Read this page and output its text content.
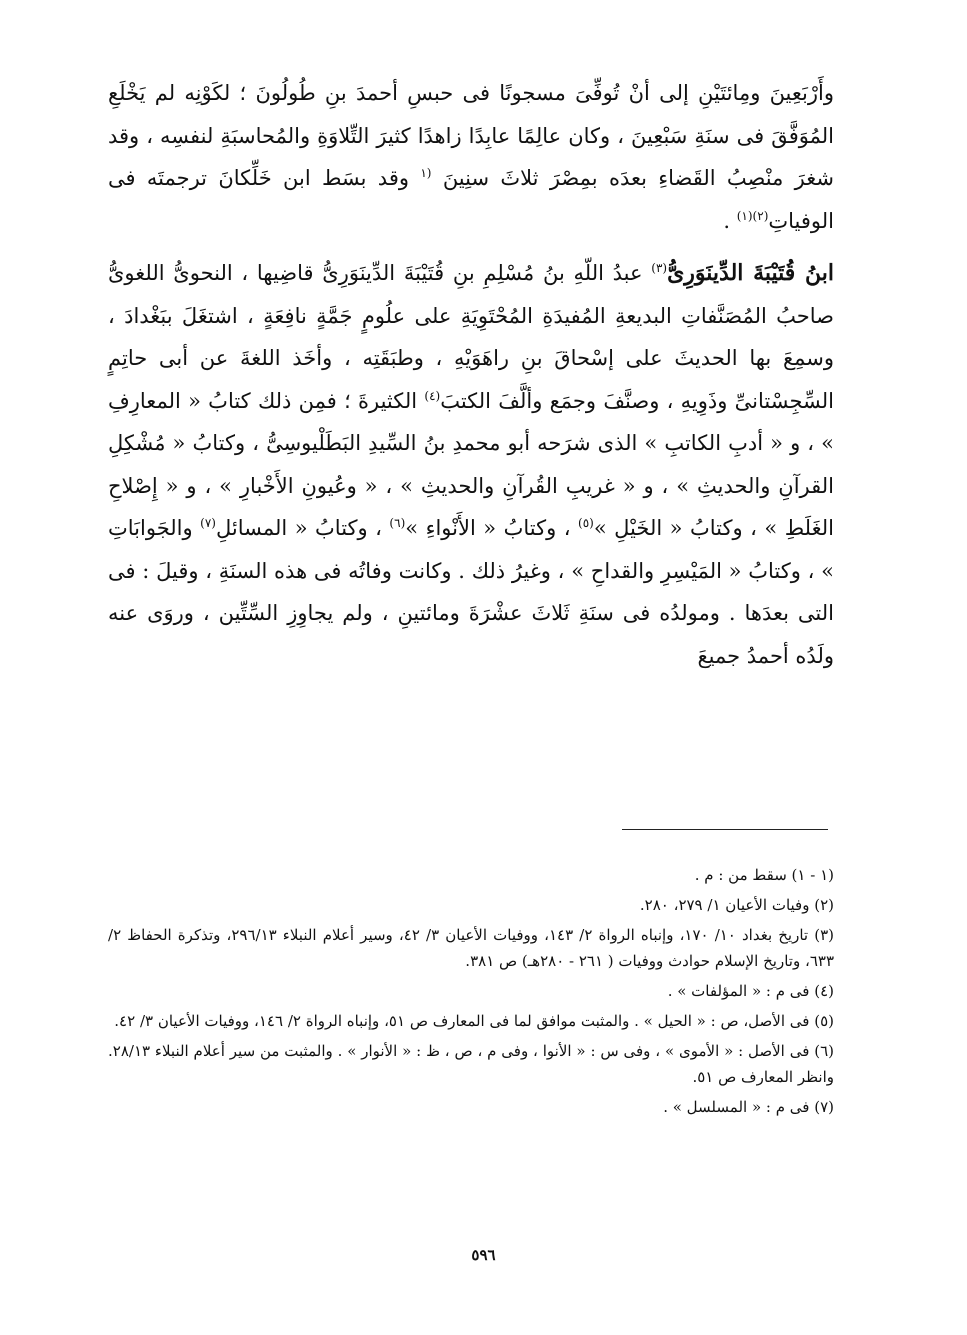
وأَرْبَعِينَ ومِائتَيْنِ إلى أنْ تُوفِّىَ مسجونًا فى حبسِ أحمدَ بنِ طُولُونَ ؛ لكَوْنِه لم يَخْلَعِ المُوَفَّقَ فى سنَةِ سَبْعِينَ ، وكان عالِمًا عابِدًا زاهدًا كثيرَ التِّلاوَةِ والمُحاسبَةِ لنفسِه ، وقد شغرَ منْصِبُ القَضاءِ بعدَه بمِصْرَ ثلاثَ سنِينَ $^{(١}$ وقد بسَط ابن خَلِّكانَ ترجمتَه فى الوفياتِ$^{(٢)(١)}$ .

ابنُ قُتَيْبَةَ الدِّينَوَرِىُّ$^{(٣)}$ عبدُ اللّهِ بنُ مُسْلِمِ بنِ قُتَيْبَةَ الدِّينَوَرِىُّ قاضِيها ، النحوىُّ اللغوىُّ صاحبُ المُصَنَّفاتِ البديعةِ المُفيدَةِ المُحْتَوِيَةِ على علُومٍ جَمَّةٍ نافِعَةٍ ، اشتغَلَ ببَغْدادَ ، وسمِعَ بها الحديثَ على إسْحاقَ بنِ راهَوَيْهِ ، وطبَقَتِه ، وأخَذ اللغةَ عن أبى حاتِمٍ السِّجِسْتانىِّ وذَوِيهِ ، وصنَّفَ وجمَع وألَّفَ الكتبَ$^{(٤)}$ الكثيرةَ ؛ فمِن ذلك كتابُ « المعارِفِ » ، و « أدبِ الكاتبِ » الذى شرَحه أبو محمدِ بنُ السِّيدِ البَطَلْيوسِىُّ ، وكتابُ « مُشْكِلِ القرآنِ والحديثِ » ، و « غريبِ القُرآنِ والحديثِ » ، « وعُيونِ الأَخْبارِ » ، و « إِصْلاحِ الغَلَطِ » ، وكتابُ « الخَيْلِ »$^{(٥)}$ ، وكتابُ « الأَنْواءِ »$^{(٦)}$ ، وكتابُ « المسائلِ$^{(٧)}$ والجَوابَاتِ » ، وكتابُ « المَيْسِرِ والقداحِ » ، وغيرُ ذلك . وكانت وفاتُه فى هذه السنَةِ ، وقيلَ : فى التى بعدَها . ومولدُه فى سنَةِ ثَلاثَ عشْرَةَ ومائتينِ ، ولم يجاوِزِ السِّتِّين ، وروَى عنه ولَدُه أحمدُ جميعَ

(١ - ١) سقط من : م .

(٢) وفيات الأعيان ١/ ٢٧٩، ٢٨٠.

(٣) تاريخ بغداد ١٠/ ١٧٠، وإنباه الرواة ٢/ ١٤٣، ووفيات الأعيان ٣/ ٤٢، وسير أعلام النبلاء ٢٩٦/١٣، وتذكرة الحفاظ ٢/ ٦٣٣، وتاريخ الإسلام حوادث ووفيات ( ٢٦١ - ٢٨٠هـ) ص ٣٨١.

(٤) فى م : « المؤلفات » .

(٥) فى الأصل، ص : « الحيل » . والمثبت موافق لما فى المعارف ص ٥١، وإنباه الرواة ٢/ ١٤٦، ووفيات الأعيان ٣/ ٤٢.

(٦) فى الأصل : « الأموى » ، وفى س : « الأنوا ، وفى م ، ص ، ظ : « الأنوار » . والمثبت من سير أعلام النبلاء ٢٨/١٣. وانظر المعارف ص ٥١.

(٧) فى م : « المسلسل » .

٥٩٦
